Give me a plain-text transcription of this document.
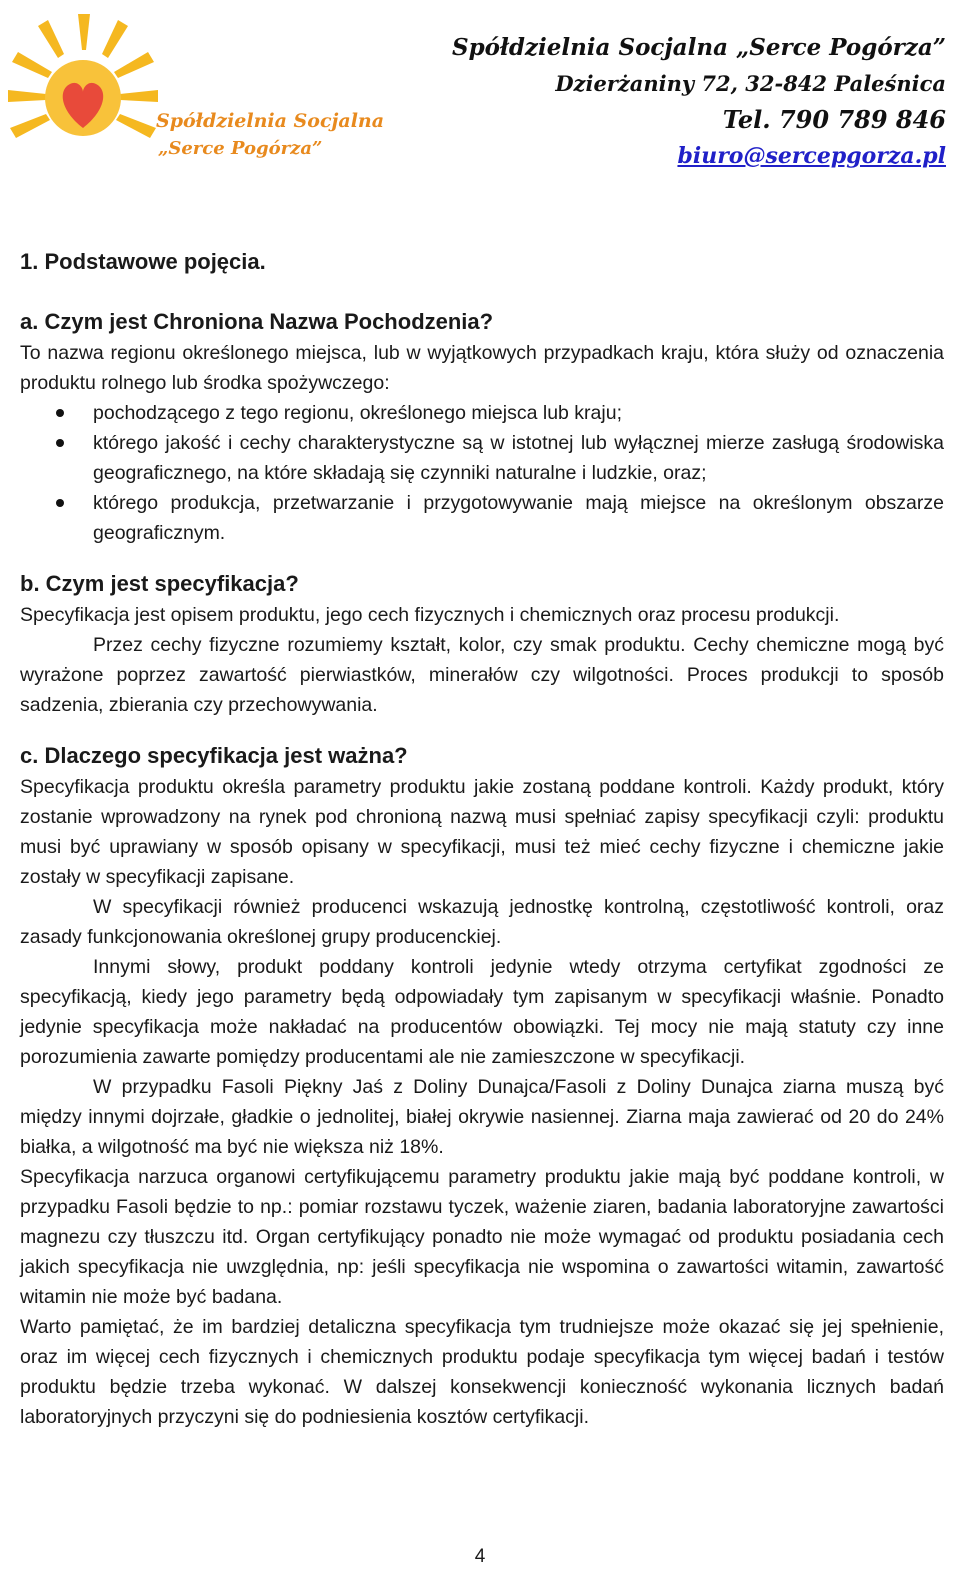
Spółdzielnia Socjalna
„Serce Pogórza”
Spółdzielnia Socjalna „Serce Pogórza”
Dzierżaniny 72, 32-842 Paleśnica
Tel. 790 789 846
biuro@sercepgorza.pl
1. Podstawowe pojęcia.
a. Czym jest Chroniona Nazwa Pochodzenia?

To nazwa regionu określonego miejsca, lub w wyjątkowych przypadkach kraju, która służy od oznaczenia produktu rolnego lub środka spożywczego:

pochodzącego z tego regionu, określonego miejsca lub kraju;
którego jakość i cechy charakterystyczne są w istotnej lub wyłącznej mierze zasługą środowiska geograficznego, na które składają się czynniki naturalne i ludzkie, oraz;
którego produkcja, przetwarzanie i przygotowywanie mają miejsce na określonym obszarze geograficznym.
b. Czym jest specyfikacja?

Specyfikacja jest opisem produktu, jego cech fizycznych i chemicznych oraz procesu produkcji.

Przez cechy fizyczne rozumiemy kształt, kolor, czy smak produktu. Cechy chemiczne mogą być wyrażone poprzez zawartość pierwiastków, minerałów czy wilgotności. Proces produkcji to sposób sadzenia, zbierania czy przechowywania.

c. Dlaczego specyfikacja jest ważna?

Specyfikacja produktu określa parametry produktu jakie zostaną poddane kontroli. Każdy produkt, który zostanie wprowadzony na rynek pod chronioną nazwą musi spełniać zapisy specyfikacji czyli: produktu musi być uprawiany w sposób opisany w specyfikacji, musi też mieć cechy fizyczne i chemiczne jakie zostały w specyfikacji zapisane.

W specyfikacji również producenci wskazują jednostkę kontrolną, częstotliwość kontroli, oraz zasady funkcjonowania określonej grupy producenckiej.

Innymi słowy, produkt poddany kontroli jedynie wtedy otrzyma certyfikat zgodności ze specyfikacją, kiedy jego parametry będą odpowiadały tym zapisanym w specyfikacji właśnie. Ponadto jedynie specyfikacja może nakładać na producentów obowiązki. Tej mocy nie mają statuty czy inne porozumienia zawarte pomiędzy producentami ale nie zamieszczone w specyfikacji.

W przypadku Fasoli Piękny Jaś z Doliny Dunajca/Fasoli z Doliny Dunajca ziarna muszą być między innymi dojrzałe, gładkie o jednolitej, białej okrywie nasiennej. Ziarna maja zawierać od 20 do 24% białka, a wilgotność ma być nie większa niż 18%.

Specyfikacja narzuca organowi certyfikującemu parametry produktu jakie mają być poddane kontroli, w przypadku Fasoli będzie to np.: pomiar rozstawu tyczek, ważenie ziaren, badania laboratoryjne zawartości magnezu czy tłuszczu itd. Organ certyfikujący ponadto nie może wymagać od produktu posiadania cech jakich specyfikacja nie uwzględnia, np: jeśli specyfikacja nie wspomina o zawartości witamin, zawartość witamin nie może być badana.

Warto pamiętać, że im bardziej detaliczna specyfikacja tym trudniejsze może okazać się jej spełnienie, oraz im więcej cech fizycznych i chemicznych produktu podaje specyfikacja tym więcej badań i testów produktu będzie trzeba wykonać. W dalszej konsekwencji konieczność wykonania licznych badań laboratoryjnych przyczyni się do podniesienia kosztów certyfikacji.

4
